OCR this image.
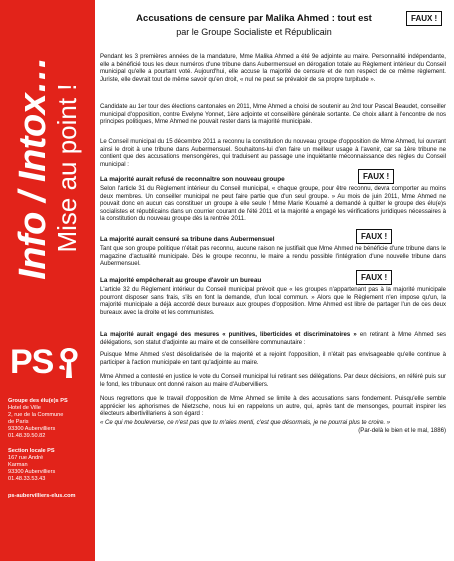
Info / Intox…
Mise au point !
PS
Groupe des élu(e)s PS
Hotel de Ville
2, rue de la Commune
de Paris
93300 Aubervilliers
01.48.39.50.82
Section locale PS
167 rue André
Karman
93300 Aubervilliers
01.48.33.53.43
ps-aubervilliers-elus.com
Accusations de censure par Malika Ahmed : tout est
par le Groupe Socialiste et Républicain
FAUX !

Pendant les 3 premières années de la mandature, Mme Malika Ahmed a été 9e adjointe au maire. Personnalité indépendante, elle a bénéficié tous les deux numéros d'une tribune dans Aubermensuel en dérogation totale au Règlement intérieur du Conseil municipal qu'elle a pourtant voté. Aujourd'hui, elle accuse la majorité de censure et de non respect de ce même règlement. Juriste, elle devrait tout de même savoir qu'en droit, « nul ne peut se prévaloir de sa propre turpitude ».

Candidate au 1er tour des élections cantonales en 2011, Mme Ahmed a choisi de soutenir au 2nd tour Pascal Beaudet, conseiller municipal d'opposition, contre Evelyne Yonnet, 1ère adjointe et conseillère générale sortante. Ce choix allant à l'encontre de nos principes politiques, Mme Ahmed ne pouvait rester dans la majorité municipale.

Le Conseil municipal du 15 décembre 2011 a reconnu la constitution du nouveau groupe d'opposition de Mme Ahmed, lui ouvrant ainsi le droit à une tribune dans Aubermensuel. Souhaitons-lui d'en faire un meilleur usage à l'avenir, car sa 1ère tribune ne contient que des accusations mensongères, qui traduisent au passage une inquiétante méconnaissance des règles du Conseil municipal :

La majorité aurait refusé de reconnaître son nouveau groupe	FAUX !

Selon l'article 31 du Règlement intérieur du Conseil municipal, « chaque groupe, pour être reconnu, devra comporter au moins deux membres. Un conseiller municipal ne peut faire partie que d'un seul groupe. » Au mois de juin 2011, Mme Ahmed ne pouvait donc en aucun cas constituer un groupe à elle seule ! Mme Marie Kouamé a demandé à quitter le groupe des élu(e)s socialistes et républicains dans un courrier courant de l'été 2011 et la majorité a engagé les vérifications juridiques nécessaires à la constitution du nouveau groupe dès la rentrée 2011.

La majorité aurait censuré sa tribune dans Aubermensuel	FAUX !

Tant que son groupe politique n'était pas reconnu, aucune raison ne justifiait que Mme Ahmed ne bénéficie d'une tribune dans le magazine d'actualité municipale. Dès le groupe reconnu, le maire a rendu possible l'intégration d'une nouvelle tribune dans Aubermensuel.

La majorité empêcherait au groupe d'avoir un bureau	FAUX !

L'article 32 du Règlement intérieur du Conseil municipal prévoit que « les groupes n'appartenant pas à la majorité municipale pourront disposer sans frais, s'ils en font la demande, d'un local commun. » Alors que le Règlement n'en impose qu'un, la majorité municipale a déjà accordé deux bureaux aux groupes d'opposition. Mme Ahmed est libre de partager l'un de ces deux bureaux avec la droite et les communistes.

La majorité aurait engagé des mesures « punitives, liberticides et discriminatoires » en retirant à Mme Ahmed ses délégations, son statut d'adjointe au maire et de conseillère communautaire :

Puisque Mme Ahmed s'est désolidarisée de la majorité et a rejoint l'opposition, il n'était pas envisageable qu'elle continue à participer à l'action municipale en tant qu'adjointe au maire.

Mme Ahmed a contesté en justice le vote du Conseil municipal lui retirant ses délégations. Par deux décisions, en référé puis sur le fond, les tribunaux ont donné raison au maire d'Aubervilliers.

Nous regrettons que le travail d'opposition de Mme Ahmed se limite à des accusations sans fondement. Puisqu'elle semble apprécier les aphorismes de Nietzsche, nous lui en rappelons un autre, qui, après tant de mensonges, pourrait inspirer les électeurs albertivillariens à son égard :

« Ce qui me bouleverse, ce n'est pas que tu m'aies menti, c'est que désormais, je ne pourrai plus te croire. »

(Par-delà le bien et le mal, 1886)
